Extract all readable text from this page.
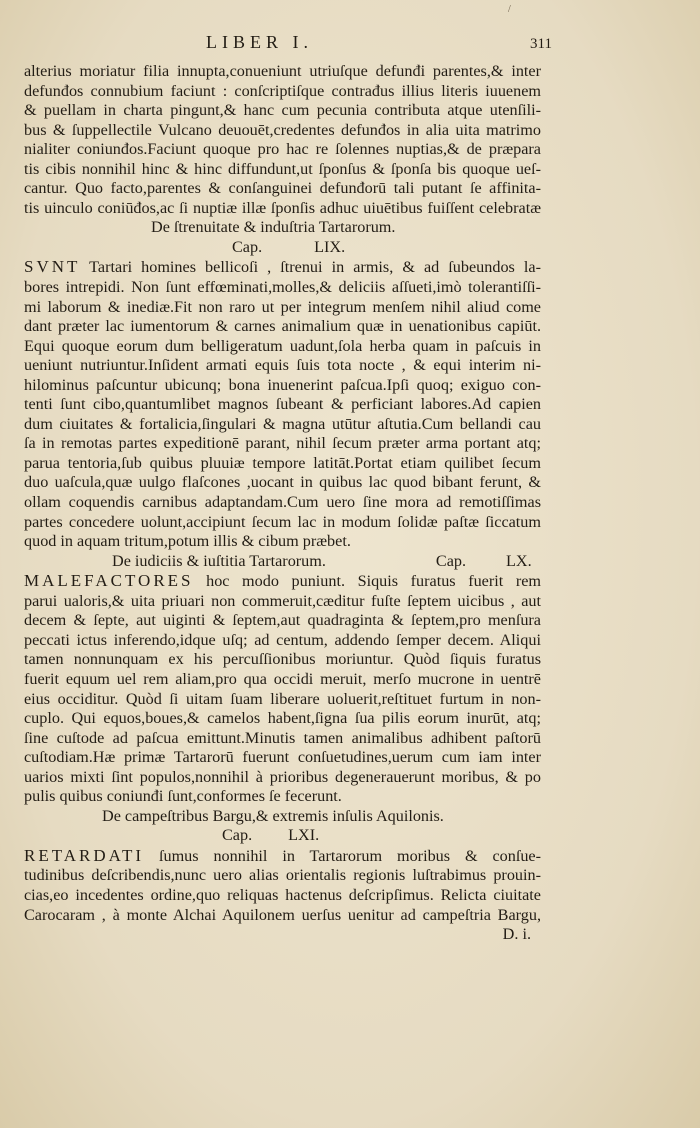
/
LIBER I.	311
alterius moriatur filia innupta,conueniunt utriuſque defunđi parentes,& inter
defunđos connubium faciunt : conſcriptiſque contrađus illius literis iuuenem
& puellam in charta pingunt,& hanc cum pecunia contributa atque utenſili-
bus & ſuppellectile Vulcano deuouēt,credentes defunđos in alia uita matrimo
nialiter coniunđos.Faciunt quoque pro hac re ſolennes nuptias,& de præpara
tis cibis nonnihil hinc & hinc diffundunt,ut ſponſus & ſponſa bis quoque ueſ-
cantur. Quo facto,parentes & conſanguinei defunđorū tali putant ſe affinita-
tis uinculo coniūđos,ac ſi nuptiæ illæ ſponſis adhuc uiuētibus fuiſſent celebratæ
De ſtrenuitate & induſtria Tartarorum.
Cap.	LIX.
SVNT Tartari homines bellicoſi , ſtrenui in armis, & ad ſubeundos la-
bores intrepidi. Non ſunt effœminati,molles,& deliciis aſſueti,imò tolerantiſſi-
mi laborum & inediæ.Fit non raro ut per integrum menſem nihil aliud come
dant præter lac iumentorum & carnes animalium quæ in uenationibus capiūt.
Equi quoque eorum dum belligeratum uadunt,ſola herba quam in paſcuis in
ueniunt nutriuntur.Inſident armati equis ſuis tota nocte , & equi interim ni-
hilominus paſcuntur ubicunq; bona inuenerint paſcua.Ipſi quoq; exiguo con-
tenti ſunt cibo,quantumlibet magnos ſubeant & perficiant labores.Ad capien
dum ciuitates & fortalicia,ſingulari & magna utūtur aſtutia.Cum bellandi cau
ſa in remotas partes expeditionē parant, nihil ſecum præter arma portant atq;
parua tentoria,ſub quibus pluuiæ tempore latitāt.Portat etiam quilibet ſecum
duo uaſcula,quæ uulgo flaſcones ,uocant in quibus lac quod bibant ferunt, &
ollam coquendis carnibus adaptandam.Cum uero ſine mora ad remotiſſimas
partes concedere uolunt,accipiunt ſecum lac in modum ſolidæ paſtæ ſiccatum
quod in aquam tritum,potum illis & cibum præbet.
De iudiciis & iuſtitia Tartarorum.	Cap. LX.
MALEFACTORES hoc modo puniunt. Siquis furatus fuerit rem
parui ualoris,& uita priuari non commeruit,cæditur fuſte ſeptem uicibus , aut
decem & ſepte, aut uiginti & ſeptem,aut quadraginta & ſeptem,pro menſura
peccati ictus inferendo,idque uſq; ad centum, addendo ſemper decem. Aliqui
tamen nonnunquam ex his percuſſionibus moriuntur. Quòd ſiquis furatus
fuerit equum uel rem aliam,pro qua occidi meruit, merſo mucrone in uentrē
eius occiditur. Quòd ſi uitam ſuam liberare uoluerit,reſtituet furtum in non-
cuplo. Qui equos,boues,& camelos habent,ſigna ſua pilis eorum inurūt, atq;
ſine cuſtode ad paſcua emittunt.Minutis tamen animalibus adhibent paſtorū
cuſtodiam.Hæ primæ Tartarorū fuerunt conſuetudines,uerum cum iam inter
uarios mixti ſint populos,nonnihil à prioribus degenerauerunt moribus, & po
pulis quibus coniunđi ſunt,conformes ſe fecerunt.
De campeſtribus Bargu,& extremis inſulis Aquilonis.
Cap. LXI.
RETARDATI ſumus nonnihil in Tartarorum moribus & conſue-
tudinibus deſcribendis,nunc uero alias orientalis regionis luſtrabimus prouin-
cias,eo incedentes ordine,quo reliquas hactenus deſcripſimus. Relicta ciuitate
Carocaram , à monte Alchai Aquilonem uerſus uenitur ad campeſtria Bargu,
D. i.
